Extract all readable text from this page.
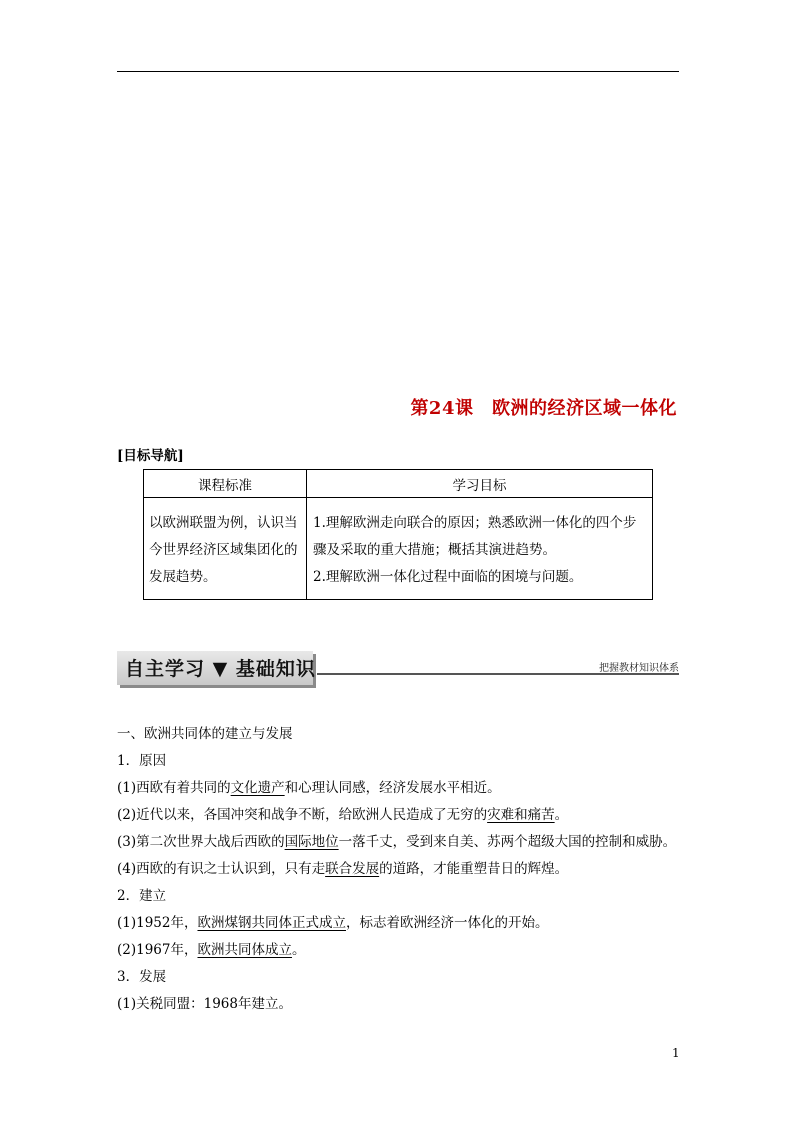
第24课　欧洲的经济区域一体化
[目标导航]
课程标准	学习目标
以欧洲联盟为例，认识当今世界经济区域集团化的发展趋势。	1.理解欧洲走向联合的原因；熟悉欧洲一体化的四个步骤及采取的重大措施；概括其演进趋势。
2.理解欧洲一体化过程中面临的困境与问题。
自主学习 ▼ 基础知识	把握教材知识体系
一、欧洲共同体的建立与发展
1．原因
(1)西欧有着共同的文化遗产和心理认同感，经济发展水平相近。
(2)近代以来，各国冲突和战争不断，给欧洲人民造成了无穷的灾难和痛苦。
(3)第二次世界大战后西欧的国际地位一落千丈，受到来自美、苏两个超级大国的控制和威胁。
(4)西欧的有识之士认识到，只有走联合发展的道路，才能重塑昔日的辉煌。
2．建立
(1)1952年，欧洲煤钢共同体正式成立，标志着欧洲经济一体化的开始。
(2)1967年，欧洲共同体成立。
3．发展
(1)关税同盟：1968年建立。
1
